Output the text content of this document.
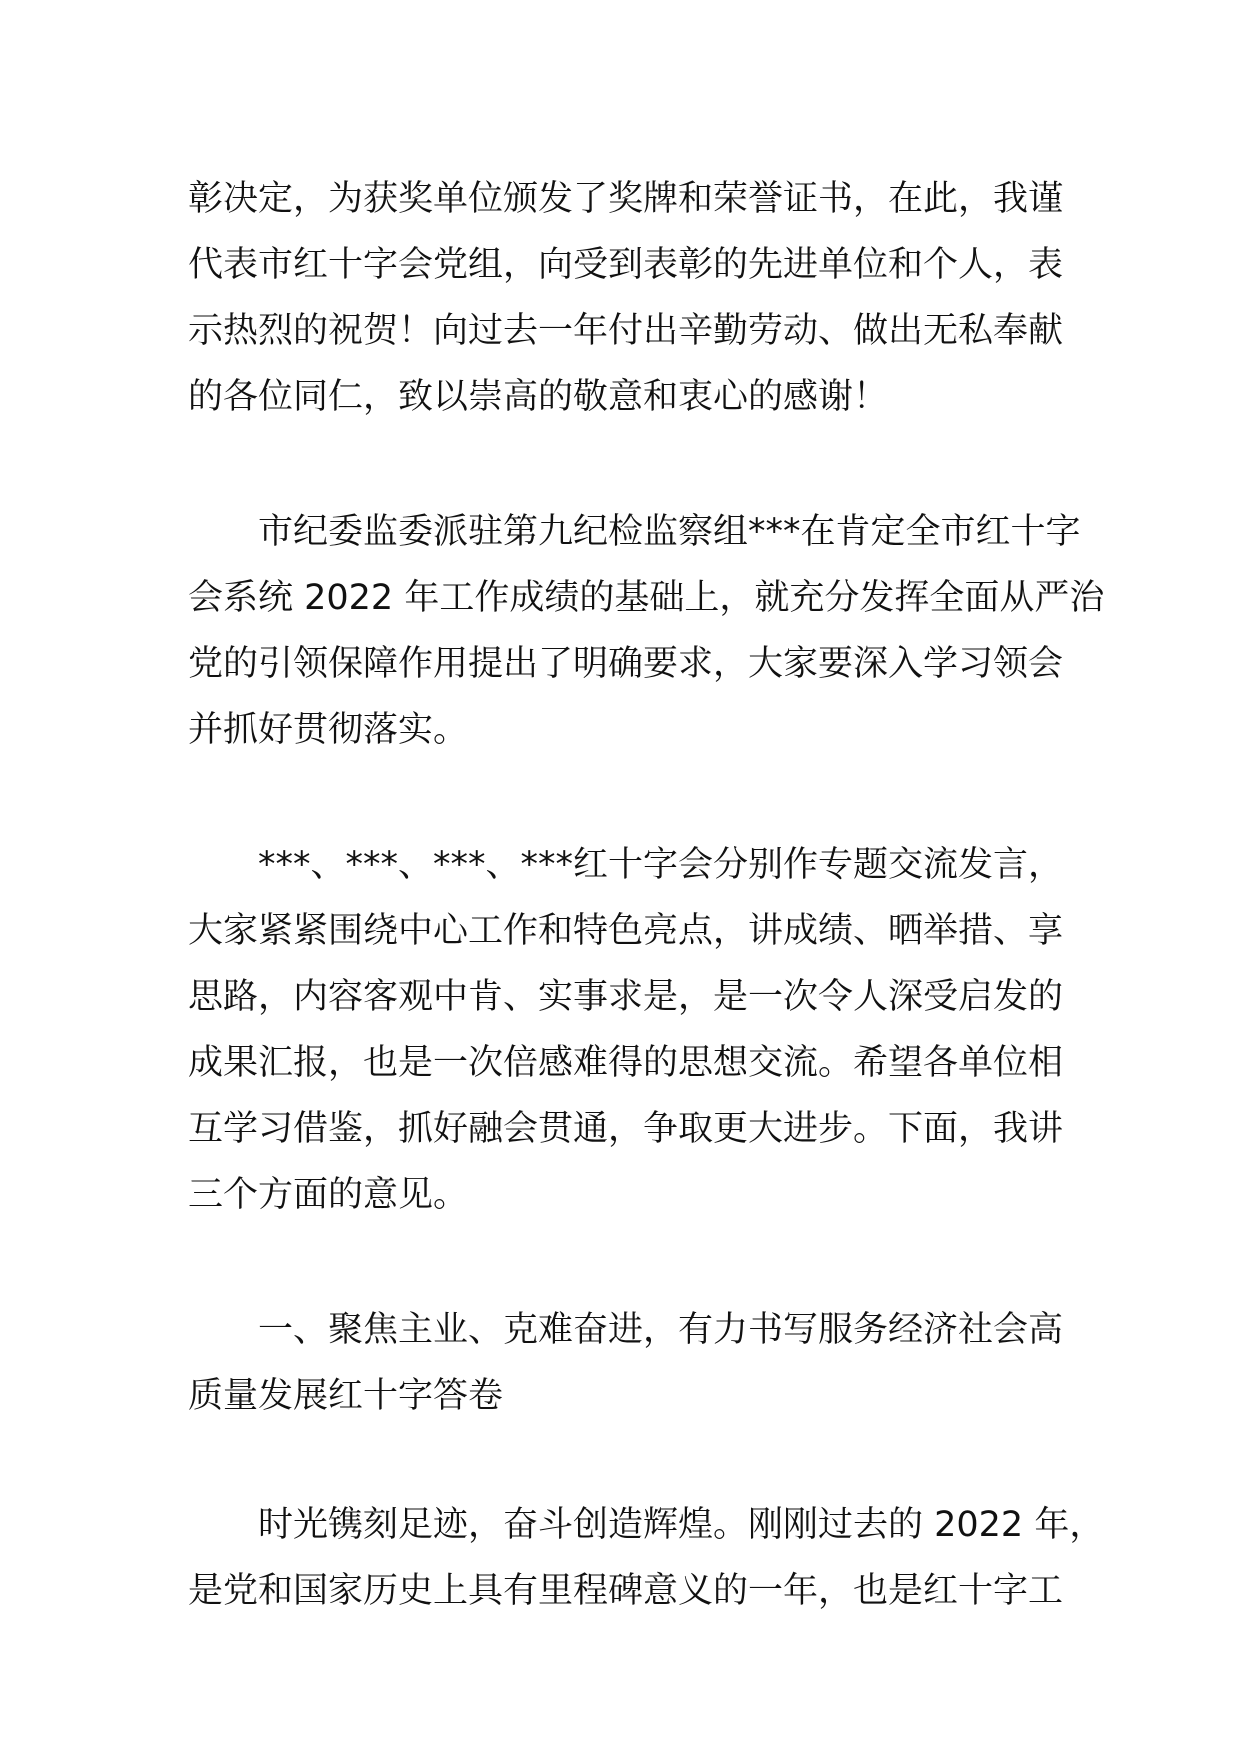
彰决定，为获奖单位颁发了奖牌和荣誉证书，在此，我谨
代表市红十字会党组，向受到表彰的先进单位和个人，表
示热烈的祝贺！向过去一年付出辛勤劳动、做出无私奉献
的各位同仁，致以崇高的敬意和衷心的感谢！

市纪委监委派驻第九纪检监察组***在肯定全市红十字
会系统 2022 年工作成绩的基础上，就充分发挥全面从严治
党的引领保障作用提出了明确要求，大家要深入学习领会
并抓好贯彻落实。

***、***、***、***红十字会分别作专题交流发言，
大家紧紧围绕中心工作和特色亮点，讲成绩、晒举措、享
思路，内容客观中肯、实事求是，是一次令人深受启发的
成果汇报，也是一次倍感难得的思想交流。希望各单位相
互学习借鉴，抓好融会贯通，争取更大进步。下面，我讲
三个方面的意见。

一、聚焦主业、克难奋进，有力书写服务经济社会高
质量发展红十字答卷

时光镌刻足迹，奋斗创造辉煌。刚刚过去的 2022 年，
是党和国家历史上具有里程碑意义的一年，也是红十字工
